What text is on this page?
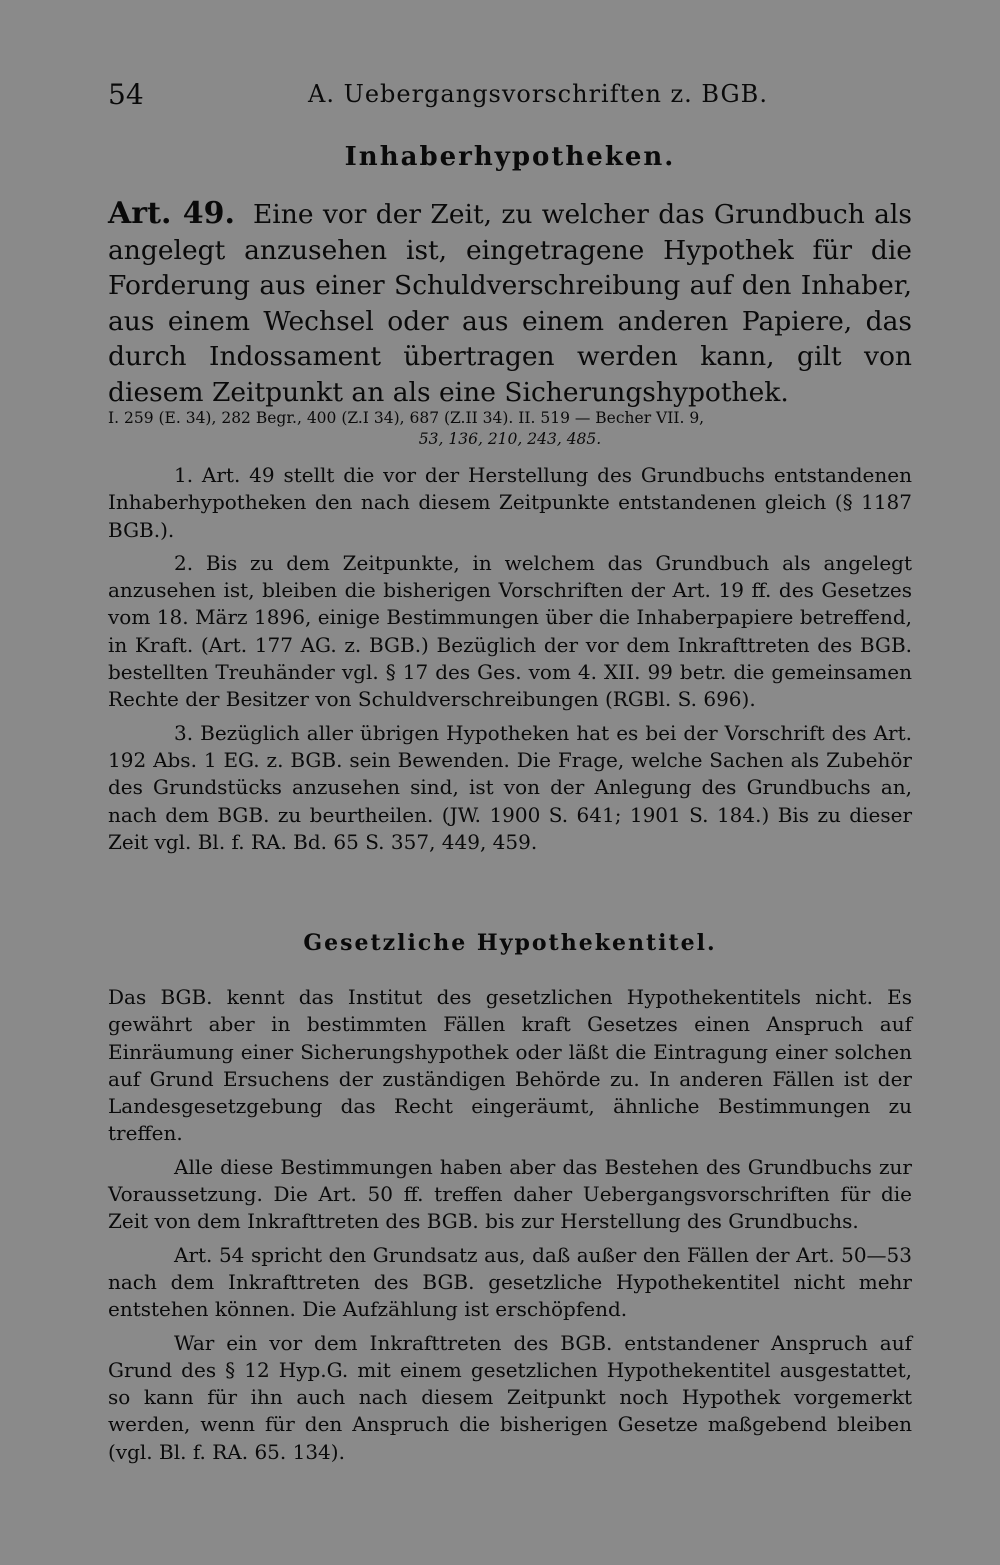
54	A. Uebergangsvorschriften z. BGB.
Inhaberhypotheken.
Art. 49. Eine vor der Zeit, zu welcher das Grundbuch als angelegt anzusehen ist, eingetragene Hypothek für die Forderung aus einer Schuldverschreibung auf den Inhaber, aus einem Wechsel oder aus einem anderen Papiere, das durch Indossament übertragen werden kann, gilt von diesem Zeitpunkt an als eine Sicherungshypothek.
I. 259 (E. 34), 282 Begr., 400 (Z.I 34), 687 (Z.II 34). II. 519 — Becher VII. 9,
53, 136, 210, 243, 485.

1. Art. 49 stellt die vor der Herstellung des Grundbuchs entstandenen Inhaberhypotheken den nach diesem Zeitpunkte entstandenen gleich (§ 1187 BGB.).

2. Bis zu dem Zeitpunkte, in welchem das Grundbuch als angelegt anzusehen ist, bleiben die bisherigen Vorschriften der Art. 19 ff. des Gesetzes vom 18. März 1896, einige Bestimmungen über die Inhaberpapiere betreffend, in Kraft. (Art. 177 AG. z. BGB.) Bezüglich der vor dem Inkrafttreten des BGB. bestellten Treuhänder vgl. § 17 des Ges. vom 4. XII. 99 betr. die gemeinsamen Rechte der Besitzer von Schuldverschreibungen (RGBl. S. 696).

3. Bezüglich aller übrigen Hypotheken hat es bei der Vorschrift des Art. 192 Abs. 1 EG. z. BGB. sein Bewenden. Die Frage, welche Sachen als Zubehör des Grundstücks anzusehen sind, ist von der Anlegung des Grundbuchs an, nach dem BGB. zu beurtheilen. (JW. 1900 S. 641; 1901 S. 184.) Bis zu dieser Zeit vgl. Bl. f. RA. Bd. 65 S. 357, 449, 459.

Gesetzliche Hypothekentitel.

Das BGB. kennt das Institut des gesetzlichen Hypothekentitels nicht. Es gewährt aber in bestimmten Fällen kraft Gesetzes einen Anspruch auf Einräumung einer Sicherungshypothek oder läßt die Eintragung einer solchen auf Grund Ersuchens der zuständigen Behörde zu. In anderen Fällen ist der Landesgesetzgebung das Recht eingeräumt, ähnliche Bestimmungen zu treffen.

Alle diese Bestimmungen haben aber das Bestehen des Grundbuchs zur Voraussetzung. Die Art. 50 ff. treffen daher Uebergangsvorschriften für die Zeit von dem Inkrafttreten des BGB. bis zur Herstellung des Grundbuchs.

Art. 54 spricht den Grundsatz aus, daß außer den Fällen der Art. 50—53 nach dem Inkrafttreten des BGB. gesetzliche Hypothekentitel nicht mehr entstehen können. Die Aufzählung ist erschöpfend.

War ein vor dem Inkrafttreten des BGB. entstandener Anspruch auf Grund des § 12 Hyp.G. mit einem gesetzlichen Hypothekentitel ausgestattet, so kann für ihn auch nach diesem Zeitpunkt noch Hypothek vorgemerkt werden, wenn für den Anspruch die bisherigen Gesetze maßgebend bleiben (vgl. Bl. f. RA. 65. 134).
